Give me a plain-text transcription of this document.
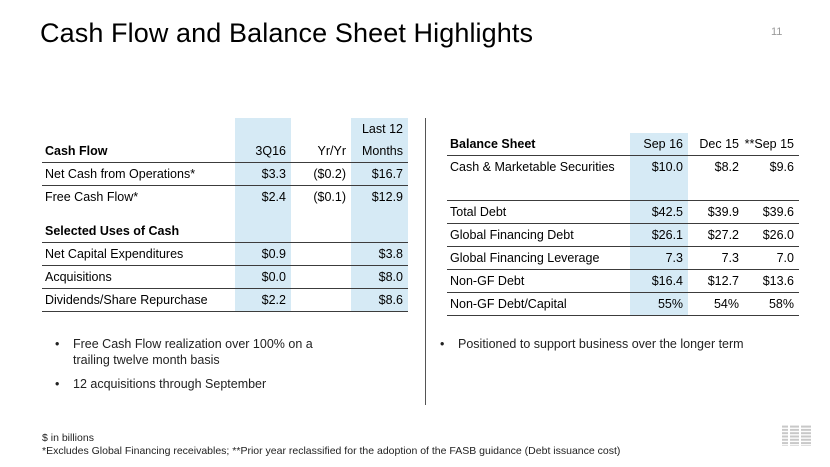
Cash Flow and Balance Sheet Highlights	11
			Last 12
Cash Flow	3Q16	Yr/Yr	Months
Net Cash from Operations*	$3.3	($0.2)	$16.7
Free Cash Flow*	$2.4	($0.1)	$12.9

Selected Uses of Cash			
Net Capital Expenditures	$0.9		$3.8
Acquisitions	$0.0		$8.0
Dividends/Share Repurchase	$2.2		$8.6
Balance Sheet	Sep 16	Dec 15	**Sep 15
Cash & Marketable Securities	$10.0	$8.2	$9.6

Total Debt	$42.5	$39.9	$39.6
Global Financing Debt	$26.1	$27.2	$26.0
Global Financing Leverage	7.3	7.3	7.0
Non-GF Debt	$16.4	$12.7	$13.6
Non-GF Debt/Capital	55%	54%	58%
• Free Cash Flow realization over 100% on a trailing twelve month basis
• 12 acquisitions through September
• Positioned to support business over the longer term
$ in billions
*Excludes Global Financing receivables; **Prior year reclassified for the adoption of the FASB guidance (Debt issuance cost)
